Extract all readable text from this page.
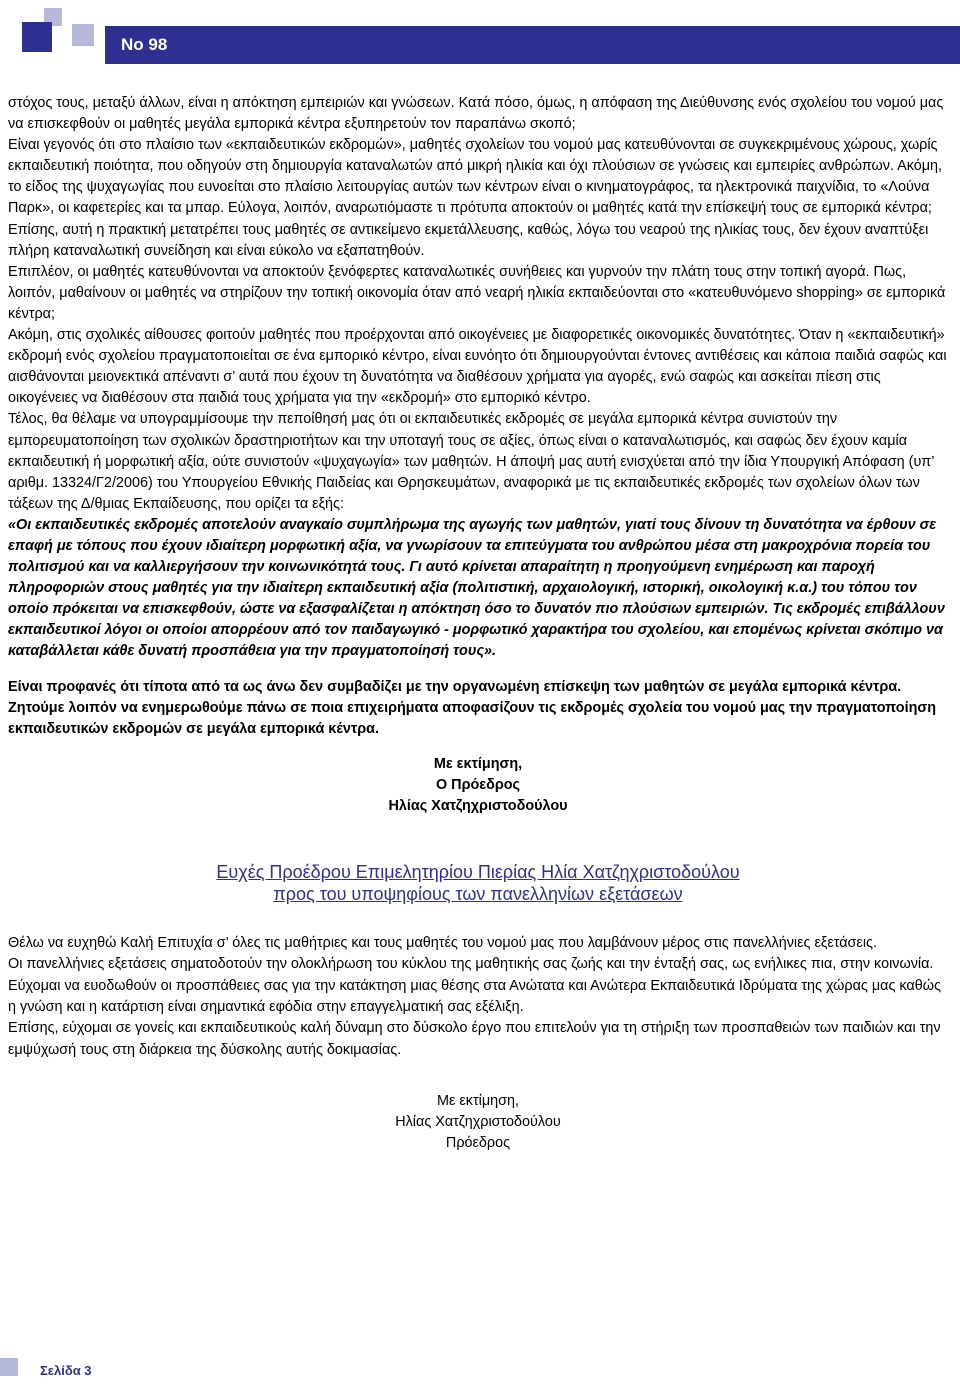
Νο 98

στόχος τους, μεταξύ άλλων, είναι η απόκτηση εμπειριών και γνώσεων. Κατά πόσο, όμως, η απόφαση της Διεύθυνσης ενός σχολείου του νομού μας να επισκεφθούν οι μαθητές μεγάλα εμπορικά κέντρα εξυπηρετούν τον παραπάνω σκοπό;

Είναι γεγονός ότι στο πλαίσιο των «εκπαιδευτικών εκδρομών», μαθητές σχολείων του νομού μας κατευθύνονται σε συγκεκριμένους χώρους, χωρίς εκπαιδευτική ποιότητα, που οδηγούν στη δημιουργία καταναλωτών από μικρή ηλικία και όχι πλούσιων σε γνώσεις και εμπειρίες ανθρώπων. Ακόμη, το είδος της ψυχαγωγίας που ευνοείται στο πλαίσιο λειτουργίας αυτών των κέντρων είναι ο κινηματογράφος, τα ηλεκτρονικά παιχνίδια, το «Λούνα Παρκ», οι καφετερίες και τα μπαρ. Εύλογα, λοιπόν, αναρωτιόμαστε τι πρότυπα αποκτούν οι μαθητές κατά την επίσκεψή τους σε εμπορικά κέντρα;

Επίσης, αυτή η πρακτική μετατρέπει τους μαθητές σε αντικείμενο εκμετάλλευσης, καθώς, λόγω του νεαρού της ηλικίας τους, δεν έχουν αναπτύξει πλήρη καταναλωτική συνείδηση και είναι εύκολο να εξαπατηθούν.

Επιπλέον, οι μαθητές κατευθύνονται να αποκτούν ξενόφερτες καταναλωτικές συνήθειες και γυρνούν την πλάτη τους στην τοπική αγορά. Πως, λοιπόν, μαθαίνουν οι μαθητές να στηρίζουν την τοπική οικονομία όταν από νεαρή ηλικία εκπαιδεύονται στο «κατευθυνόμενο shopping» σε εμπορικά κέντρα;

Ακόμη, στις σχολικές αίθουσες φοιτούν μαθητές που προέρχονται από οικογένειες με διαφορετικές οικονομικές δυνατότητες. Όταν η «εκπαιδευτική» εκδρομή ενός σχολείου πραγματοποιείται σε ένα εμπορικό κέντρο, είναι ευνόητο ότι δημιουργούνται έντονες αντιθέσεις και κάποια παιδιά σαφώς και αισθάνονται μειονεκτικά απέναντι σ’ αυτά που έχουν τη δυνατότητα να διαθέσουν χρήματα για αγορές, ενώ σαφώς και ασκείται πίεση στις οικογένειες να διαθέσουν στα παιδιά τους χρήματα για την «εκδρομή» στο εμπορικό κέντρο.

Τέλος, θα θέλαμε να υπογραμμίσουμε την πεποίθησή μας ότι οι εκπαιδευτικές εκδρομές σε μεγάλα εμπορικά κέντρα συνιστούν την εμπορευματοποίηση των σχολικών δραστηριοτήτων και την υποταγή τους σε αξίες, όπως είναι ο καταναλωτισμός, και σαφώς δεν έχουν καμία εκπαιδευτική ή μορφωτική αξία, ούτε συνιστούν «ψυχαγωγία» των μαθητών. Η άποψή μας αυτή ενισχύεται από την ίδια Υπουργική Απόφαση (υπ’ αριθμ. 13324/Γ2/2006) του Υπουργείου Εθνικής Παιδείας και Θρησκευμάτων, αναφορικά με τις εκπαιδευτικές εκδρομές των σχολείων όλων των τάξεων της Δ/θμιας Εκπαίδευσης, που ορίζει τα εξής:

«Οι εκπαιδευτικές εκδρομές αποτελούν αναγκαίο συμπλήρωμα της αγωγής των μαθητών, γιατί τους δίνουν τη δυνατότητα να έρθουν σε επαφή με τόπους που έχουν ιδιαίτερη μορφωτική αξία, να γνωρίσουν τα επιτεύγματα του ανθρώπου μέσα στη μακροχρόνια πορεία του πολιτισμού και να καλλιεργήσουν την κοινωνικότητά τους. Γι αυτό κρίνεται απαραίτητη η προηγούμενη ενημέρωση και παροχή πληροφοριών στους μαθητές για την ιδιαίτερη εκπαιδευτική αξία (πολιτιστική, αρχαιολογική, ιστορική, οικολογική κ.α.) του τόπου τον οποίο πρόκειται να επισκεφθούν, ώστε να εξασφαλίζεται η απόκτηση όσο το δυνατόν πιο πλούσιων εμπειριών. Τις εκδρομές επιβάλλουν εκπαιδευτικοί λόγοι οι οποίοι απορρέουν από τον παιδαγωγικό - μορφωτικό χαρακτήρα του σχολείου, και επομένως κρίνεται σκόπιμο να καταβάλλεται κάθε δυνατή προσπάθεια για την πραγματοποίησή τους».

Είναι προφανές ότι τίποτα από τα ως άνω δεν συμβαδίζει με την οργανωμένη επίσκεψη των μαθητών σε μεγάλα εμπορικά κέντρα. Ζητούμε λοιπόν να ενημερωθούμε πάνω σε ποια επιχειρήματα αποφασίζουν τις εκδρομές σχολεία του νομού μας την πραγματοποίηση εκπαιδευτικών εκδρομών σε μεγάλα εμπορικά κέντρα.

Με εκτίμηση,
Ο Πρόεδρος
Ηλίας Χατζηχριστοδούλου
Ευχές Προέδρου Επιμελητηρίου Πιερίας Ηλία Χατζηχριστοδούλου
προς του υποψηφίους των πανελληνίων εξετάσεων

Θέλω να ευχηθώ Καλή Επιτυχία σ’ όλες τις μαθήτριες και τους μαθητές του νομού μας που λαμβάνουν μέρος στις πανελλήνιες εξετάσεις.

Οι πανελλήνιες εξετάσεις σηματοδοτούν την ολοκλήρωση του κύκλου της μαθητικής σας ζωής και την ένταξή σας, ως ενήλικες πια, στην κοινωνία. Εύχομαι να ευοδωθούν οι προσπάθειες σας για την κατάκτηση μιας θέσης στα Ανώτατα και Ανώτερα Εκπαιδευτικά Ιδρύματα της χώρας μας καθώς η γνώση και η κατάρτιση είναι σημαντικά εφόδια στην επαγγελματική σας εξέλιξη.

Επίσης, εύχομαι σε γονείς και εκπαιδευτικούς καλή δύναμη στο δύσκολο έργο που επιτελούν για τη στήριξη των προσπαθειών των παιδιών και την εμψύχωσή τους στη διάρκεια της δύσκολης αυτής δοκιμασίας.

Με εκτίμηση,
Ηλίας Χατζηχριστοδούλου
Πρόεδρος
Σελίδα 3
